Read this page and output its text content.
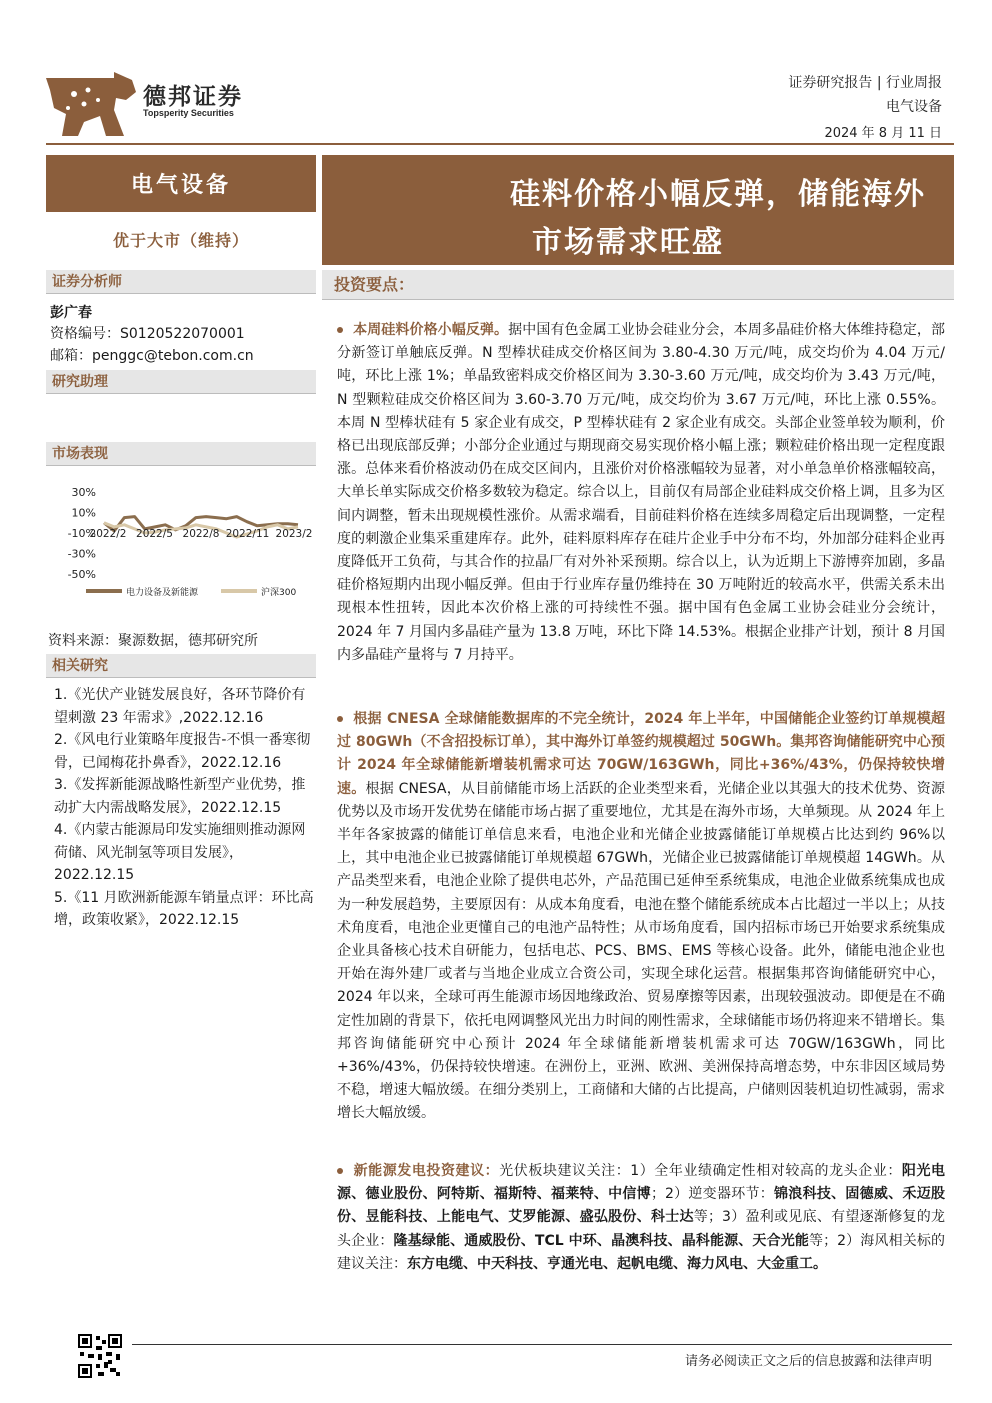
德邦证券
Topsperity Securities
证券研究报告 | 行业周报
电气设备
2024 年 8 月 11 日
电气设备
优于大市（维持）
硅料价格小幅反弹，储能海外
市场需求旺盛
证券分析师
彭广春
资格编号：S0120522070001
邮箱：penggc@tebon.com.cn
研究助理
市场表现
30%
10%
-10%
-30%
-50%
2022/2 2022/5 2022/8 2022/11 2023/2
电力设备及新能源	沪深300
资料来源：聚源数据，德邦研究所
相关研究
1.《光伏产业链发展良好，各环节降价有望刺激 23 年需求》,2022.12.16
2.《风电行业策略年度报告-不惧一番寒彻骨，已闻梅花扑鼻香》，2022.12.16
3.《发挥新能源战略性新型产业优势，推动扩大内需战略发展》，2022.12.15
4.《内蒙古能源局印发实施细则推动源网荷储、风光制氢等项目发展》，2022.12.15
5.《11 月欧洲新能源车销量点评：环比高增，政策收紧》，2022.12.15
投资要点：
本周硅料价格小幅反弹。据中国有色金属工业协会硅业分会，本周多晶硅价格大体维持稳定，部分新签订单触底反弹。N 型棒状硅成交价格区间为 3.80-4.30 万元/吨，成交均价为 4.04 万元/吨，环比上涨 1%；单晶致密料成交价格区间为 3.30-3.60 万元/吨，成交均价为 3.43 万元/吨，N 型颗粒硅成交价格区间为 3.60-3.70 万元/吨，成交均价为 3.67 万元/吨，环比上涨 0.55%。本周 N 型棒状硅有 5 家企业有成交，P 型棒状硅有 2 家企业有成交。头部企业签单较为顺利，价格已出现底部反弹；小部分企业通过与期现商交易实现价格小幅上涨；颗粒硅价格出现一定程度跟涨。总体来看价格波动仍在成交区间内，且涨价对价格涨幅较为显著，对小单急单价格涨幅较高，大单长单实际成交价格多数较为稳定。综合以上，目前仅有局部企业硅料成交价格上调，且多为区间内调整，暂未出现规模性涨价。从需求端看，目前硅料价格在连续多周稳定后出现调整，一定程度的刺激企业集采重建库存。此外，硅料原料库存在硅片企业手中分布不均，外加部分硅料企业再度降低开工负荷，与其合作的拉晶厂有对外补采预期。综合以上，认为近期上下游博弈加剧，多晶硅价格短期内出现小幅反弹。但由于行业库存量仍维持在 30 万吨附近的较高水平，供需关系未出现根本性扭转，因此本次价格上涨的可持续性不强。据中国有色金属工业协会硅业分会统计，2024 年 7 月国内多晶硅产量为 13.8 万吨，环比下降 14.53%。根据企业排产计划，预计 8 月国内多晶硅产量将与 7 月持平。
根据 CNESA 全球储能数据库的不完全统计，2024 年上半年，中国储能企业签约订单规模超过 80GWh（不含招投标订单），其中海外订单签约规模超过 50GWh。集邦咨询储能研究中心预计 2024 年全球储能新增装机需求可达 70GW/163GWh，同比+36%/43%，仍保持较快增速。根据 CNESA，从目前储能市场上活跃的企业类型来看，光储企业以其强大的技术优势、资源优势以及市场开发优势在储能市场占据了重要地位，尤其是在海外市场，大单频现。从 2024 年上半年各家披露的储能订单信息来看，电池企业和光储企业披露储能订单规模占比达到约 96%以上，其中电池企业已披露储能订单规模超 67GWh，光储企业已披露储能订单规模超 14GWh。从产品类型来看，电池企业除了提供电芯外，产品范围已延伸至系统集成，电池企业做系统集成也成为一种发展趋势，主要原因有：从成本角度看，电池在整个储能系统成本占比超过一半以上；从技术角度看，电池企业更懂自己的电池产品特性；从市场角度看，国内招标市场已开始要求系统集成企业具备核心技术自研能力，包括电芯、PCS、BMS、EMS 等核心设备。此外，储能电池企业也开始在海外建厂或者与当地企业成立合资公司，实现全球化运营。根据集邦咨询储能研究中心，2024 年以来，全球可再生能源市场因地缘政治、贸易摩擦等因素，出现较强波动。即便是在不确定性加剧的背景下，依托电网调整风光出力时间的刚性需求，全球储能市场仍将迎来不错增长。集邦咨询储能研究中心预计 2024 年全球储能新增装机需求可达 70GW/163GWh，同比+36%/43%，仍保持较快增速。在洲份上，亚洲、欧洲、美洲保持高增态势，中东非因区域局势不稳，增速大幅放缓。在细分类别上，工商储和大储的占比提高，户储则因装机迫切性减弱，需求增长大幅放缓。
新能源发电投资建议：光伏板块建议关注：1）全年业绩确定性相对较高的龙头企业：阳光电源、德业股份、阿特斯、福斯特、福莱特、中信博；2）逆变器环节：锦浪科技、固德威、禾迈股份、昱能科技、上能电气、艾罗能源、盛弘股份、科士达等；3）盈利或见底、有望逐渐修复的龙头企业：隆基绿能、通威股份、TCL 中环、晶澳科技、晶科能源、天合光能等；2）海风相关标的建议关注：东方电缆、中天科技、亨通光电、起帆电缆、海力风电、大金重工。
请务必阅读正文之后的信息披露和法律声明
